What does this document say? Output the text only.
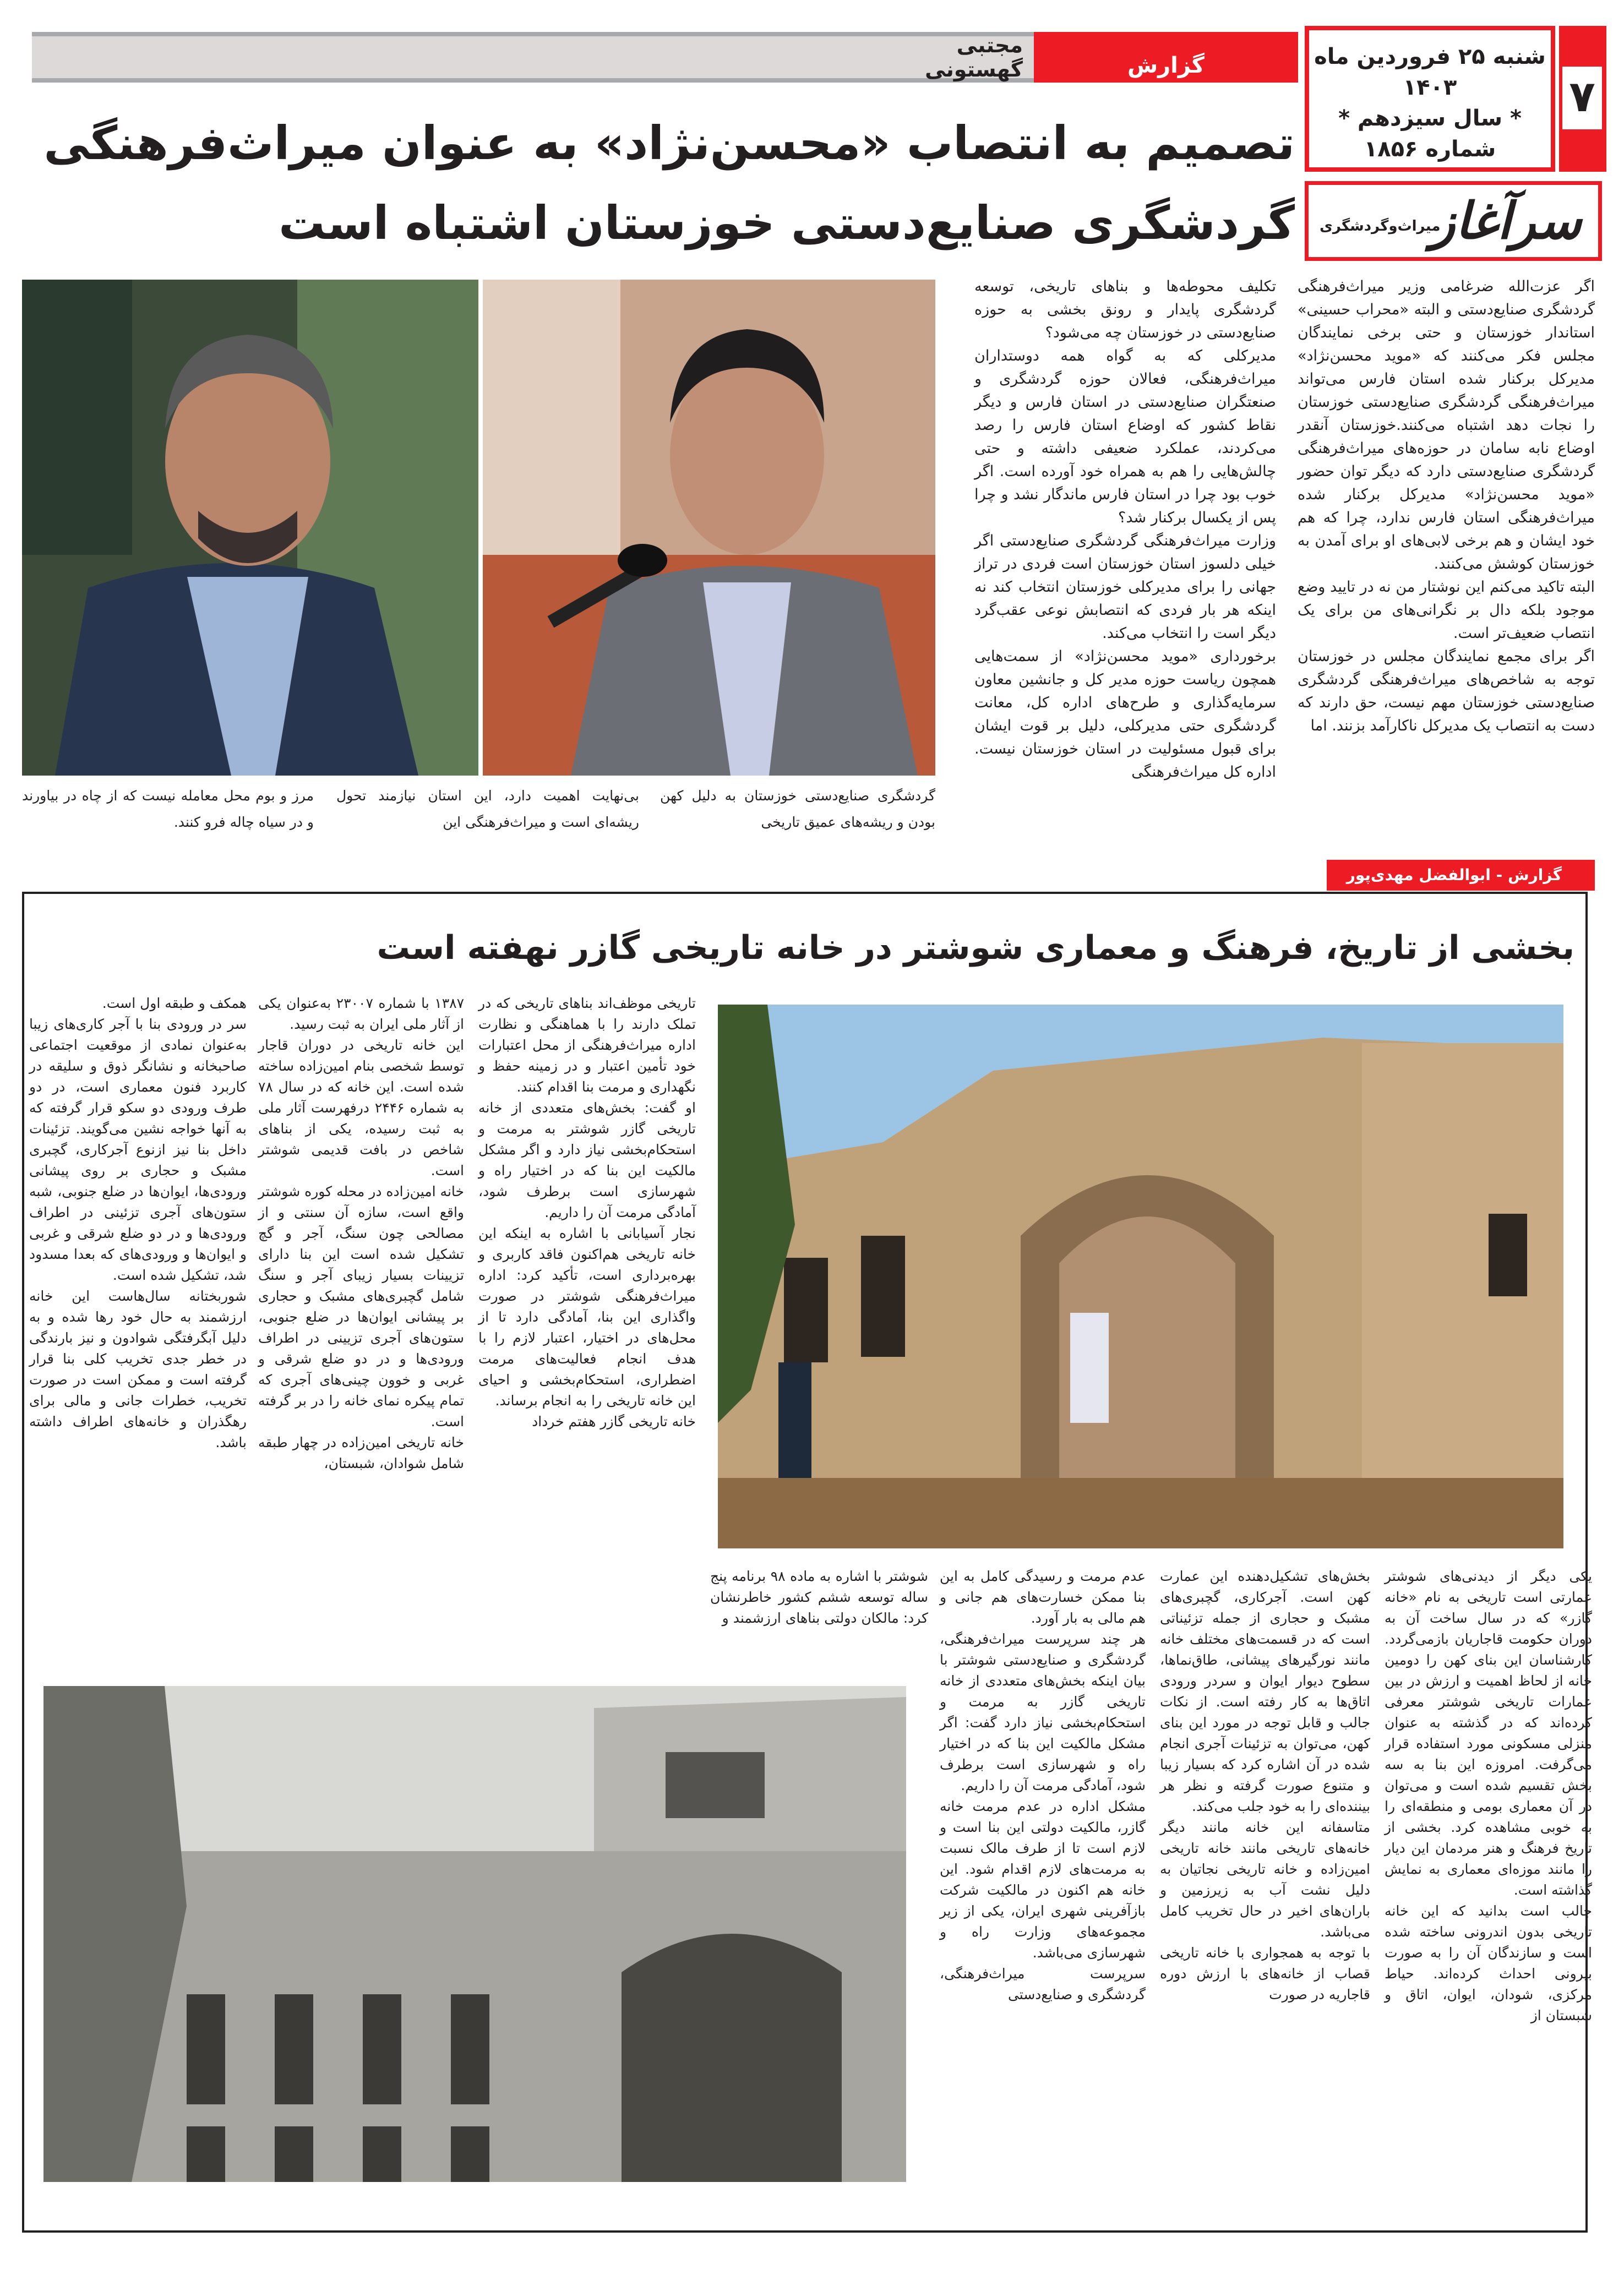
مجتبی گهستونی	گزارش	شنبه ۲۵ فروردین ماه ۱۴۰۳
* سال سیزدهم *
شماره ۱۸۵۶
۷
تصمیم به انتصاب «محسن‌نژاد» به عنوان میراث‌فرهنگی
گردشگری صنایع‌دستی خوزستان اشتباه است	سرآغاز
میراث‌وگردشگری
اگر عزت‌الله ضرغامی وزیر میراث‌فرهنگی گردشگری صنایع‌دستی و البته «محراب حسینی» استاندار خوزستان و حتی برخی نمایندگان مجلس فکر می‌کنند که «موید محسن‌نژاد» مدیرکل برکنار شده استان فارس می‌تواند میراث‌فرهنگی گردشگری صنایع‌دستی خوزستان را نجات دهد اشتباه می‌کنند.خوزستان آنقدر اوضاع نابه سامان در حوزه‌های میراث‌فرهنگی گردشگری صنایع‌دستی دارد که دیگر توان حضور «موید محسن‌نژاد» مدیرکل برکنار شده میراث‌فرهنگی استان فارس ندارد، چرا که هم خود ایشان و هم برخی لابی‌های او برای آمدن به خوزستان کوشش می‌کنند.
البته تاکید می‌کنم این نوشتار من نه در تایید وضع موجود بلکه دال بر نگرانی‌های من برای یک انتصاب ضعیف‌تر است.
اگر برای مجمع نمایندگان مجلس در خوزستان توجه به شاخص‌های میراث‌فرهنگی گردشگری صنایع‌دستی خوزستان مهم نیست، حق دارند که دست به انتصاب یک مدیرکل ناکارآمد بزنند. اما
تکلیف محوطه‌ها و بناهای تاریخی، توسعه گردشگری پایدار و رونق بخشی به حوزه صنایع‌دستی در خوزستان چه می‌شود؟
مدیرکلی که به گواه همه دوستداران میراث‌فرهنگی، فعالان حوزه گردشگری و صنعتگران صنایع‌دستی در استان فارس و دیگر نقاط کشور که اوضاع استان فارس را رصد می‌کردند، عملکرد ضعیفی داشته و حتی چالش‌هایی را هم به همراه خود آورده است. اگر خوب بود چرا در استان فارس ماندگار نشد و چرا پس از یکسال برکنار شد؟
وزارت میراث‌فرهنگی گردشگری صنایع‌دستی اگر خیلی دلسوز استان خوزستان است فردی در تراز جهانی را برای مدیرکلی خوزستان انتخاب کند نه اینکه هر بار فردی که انتصابش نوعی عقب‌گرد دیگر است را انتخاب می‌کند.
برخورداری «موید محسن‌نژاد» از سمت‌هایی همچون ریاست حوزه مدیر کل و جانشین معاون سرمایه‌گذاری و طرح‌های اداره کل، معانت گردشگری حتی مدیرکلی، دلیل بر قوت ایشان برای قبول مسئولیت در استان خوزستان نیست. اداره کل میراث‌فرهنگی
گردشگری صنایع‌دستی خوزستان به دلیل کهن بودن و ریشه‌های عمیق تاریخی
بی‌نهایت اهمیت دارد، این استان نیازمند تحول ریشه‌ای است و میراث‌فرهنگی این
مرز و بوم محل معامله نیست که از چاه در بیاورند و در سیاه چاله فرو کنند.
گزارش - ابوالفضل مهدی‌پور
بخشی از تاریخ، فرهنگ و معماری شوشتر در خانه تاریخی گازر نهفته است
یکی دیگر از دیدنی‌های شوشتر عمارتی است تاریخی به نام «خانه گازر» که در سال ساخت آن به دوران حکومت قاجاریان بازمی‌گردد. کارشناسان این بنای کهن را دومین خانه از لحاظ اهمیت و ارزش در بین عمارات تاریخی شوشتر معرفی کرده‌اند که در گذشته به عنوان منزلی مسکونی مورد استفاده قرار می‌گرفت. امروزه این بنا به سه بخش تقسیم شده است و می‌توان در آن معماری بومی و منطقه‌ای را به خوبی مشاهده کرد. بخشی از تاریخ فرهنگ و هنر مردمان این دیار را مانند موزه‌ای معماری به نمایش گذاشته است.
جالب است بدانید که این خانه تاریخی بدون اندرونی ساخته شده است و سازندگان آن را به صورت بیرونی احداث کرده‌اند. حیاط مرکزی، شودان، ایوان، اتاق و شبستان از
بخش‌های تشکیل‌دهنده این عمارت کهن است. آجرکاری، گچبری‌های مشبک و حجاری از جمله تزئیناتی است که در قسمت‌های مختلف خانه مانند نورگیرهای پیشانی، طاق‌نماها، سطوح دیوار ایوان و سردر ورودی اتاق‌ها به کار رفته است. از نکات جالب و قابل توجه در مورد این بنای کهن، می‌توان به تزئینات آجری انجام شده در آن اشاره کرد که بسیار زیبا و متنوع صورت گرفته و نظر هر بیننده‌ای را به خود جلب می‌کند.
متاسفانه این خانه مانند دیگر خانه‌های تاریخی مانند خانه تاریخی امین‌زاده و خانه تاریخی نجاتیان به دلیل نشت آب به زیرزمین و باران‌های اخیر در حال تخریب کامل می‌باشد.
با توجه به همجواری با خانه تاریخی قصاب از خانه‌های با ارزش دوره قاجاریه در صورت
عدم مرمت و رسیدگی کامل به این بنا ممکن خسارت‌های هم جانی و هم مالی به بار آورد.
هر چند سرپرست میراث‌فرهنگی، گردشگری و صنایع‌دستی شوشتر با بیان اینکه بخش‌های متعددی از خانه تاریخی گازر به مرمت و استحکام‌بخشی نیاز دارد گفت: اگر مشکل مالکیت این بنا که در اختیار راه و شهرسازی است برطرف شود، آمادگی مرمت آن را داریم.
مشکل اداره در عدم مرمت خانه گازر، مالکیت دولتی این بنا است و لازم است تا از طرف مالک نسبت به مرمت‌های لازم اقدام شود. این خانه هم اکنون در مالکیت شرکت بازآفرینی شهری ایران، یکی از زیر مجموعه‌های وزارت راه و شهرسازی می‌باشد.
سرپرست میراث‌فرهنگی، گردشگری و صنایع‌دستی
شوشتر با اشاره به ماده ۹۸ برنامه پنج ساله توسعه ششم کشور خاطرنشان کرد: مالکان دولتی بناهای ارزشمند و
تاریخی موظف‌اند بناهای تاریخی که در تملک دارند را با هماهنگی و نظارت اداره میراث‌فرهنگی از محل اعتبارات خود تأمین اعتبار و در زمینه حفظ و نگهداری و مرمت بنا اقدام کنند.
او گفت: بخش‌های متعددی از خانه تاریخی گازر شوشتر به مرمت و استحکام‌بخشی نیاز دارد و اگر مشکل مالکیت این بنا که در اختیار راه و شهرسازی است برطرف شود، آمادگی مرمت آن را داریم.
نجار آسیابانی با اشاره به اینکه این خانه تاریخی هم‌اکنون فاقد کاربری و بهره‌برداری است، تأکید کرد: اداره میراث‌فرهنگی شوشتر در صورت واگذاری این بنا، آمادگی دارد تا از محل‌های در اختیار، اعتبار لازم را با هدف انجام فعالیت‌های مرمت اضطراری، استحکام‌بخشی و احیای این خانه تاریخی را به انجام برساند.
خانه تاریخی گازر هفتم خرداد
۱۳۸۷ با شماره ۲۳۰۰۷ به‌عنوان یکی از آثار ملی ایران به ثبت رسید.
این خانه تاریخی در دوران قاجار توسط شخصی بنام امین‌زاده ساخته شده است. این خانه که در سال ۷۸ به شماره ۲۴۴۶ درفهرست آثار ملی به ثبت رسیده، یکی از بناهای شاخص در بافت قدیمی شوشتر است.
خانه امین‌زاده در محله کوره شوشتر واقع است، سازه آن سنتی و از مصالحی چون سنگ، آجر و گچ تشکیل شده است این بنا دارای تزیینات بسیار زیبای آجر و سنگ شامل گچبری‌های مشبک و حجاری بر پیشانی ایوان‌ها در ضلع جنوبی، ستون‌های آجری تزیینی در اطراف ورودی‌ها و در دو ضلع شرقی و غربی و خوون چینی‌های آجری که تمام پیکره نمای خانه را در بر گرفته است.
خانه تاریخی امین‌زاده در چهار طبقه شامل شوادان، شبستان،
همکف و طبقه اول است.
سر در ورودی بنا با آجر کاری‌های زیبا به‌عنوان نمادی از موقعیت اجتماعی صاحبخانه و نشانگر ذوق و سلیقه در کاربرد فنون معماری است، در دو طرف ورودی دو سکو قرار گرفته که به آنها خواجه نشین می‌گویند. تزئینات داخل بنا نیز ازنوع آجرکاری، گچبری مشبک و حجاری بر روی پیشانی ورودی‌ها، ایوان‌ها در ضلع جنوبی، شبه ستون‌های آجری تزئینی در اطراف ورودی‌ها و در دو ضلع شرقی و غربی و ایوان‌ها و ورودی‌های که بعدا مسدود شد، تشکیل شده است.
شوربختانه سال‌هاست این خانه ارزشمند به حال خود رها شده و به دلیل آبگرفتگی شوادون و نیز بارندگی در خطر جدی تخریب کلی بنا قرار گرفته است و ممکن است در صورت تخریب، خطرات جانی و مالی برای رهگذران و خانه‌های اطراف داشته باشد.
